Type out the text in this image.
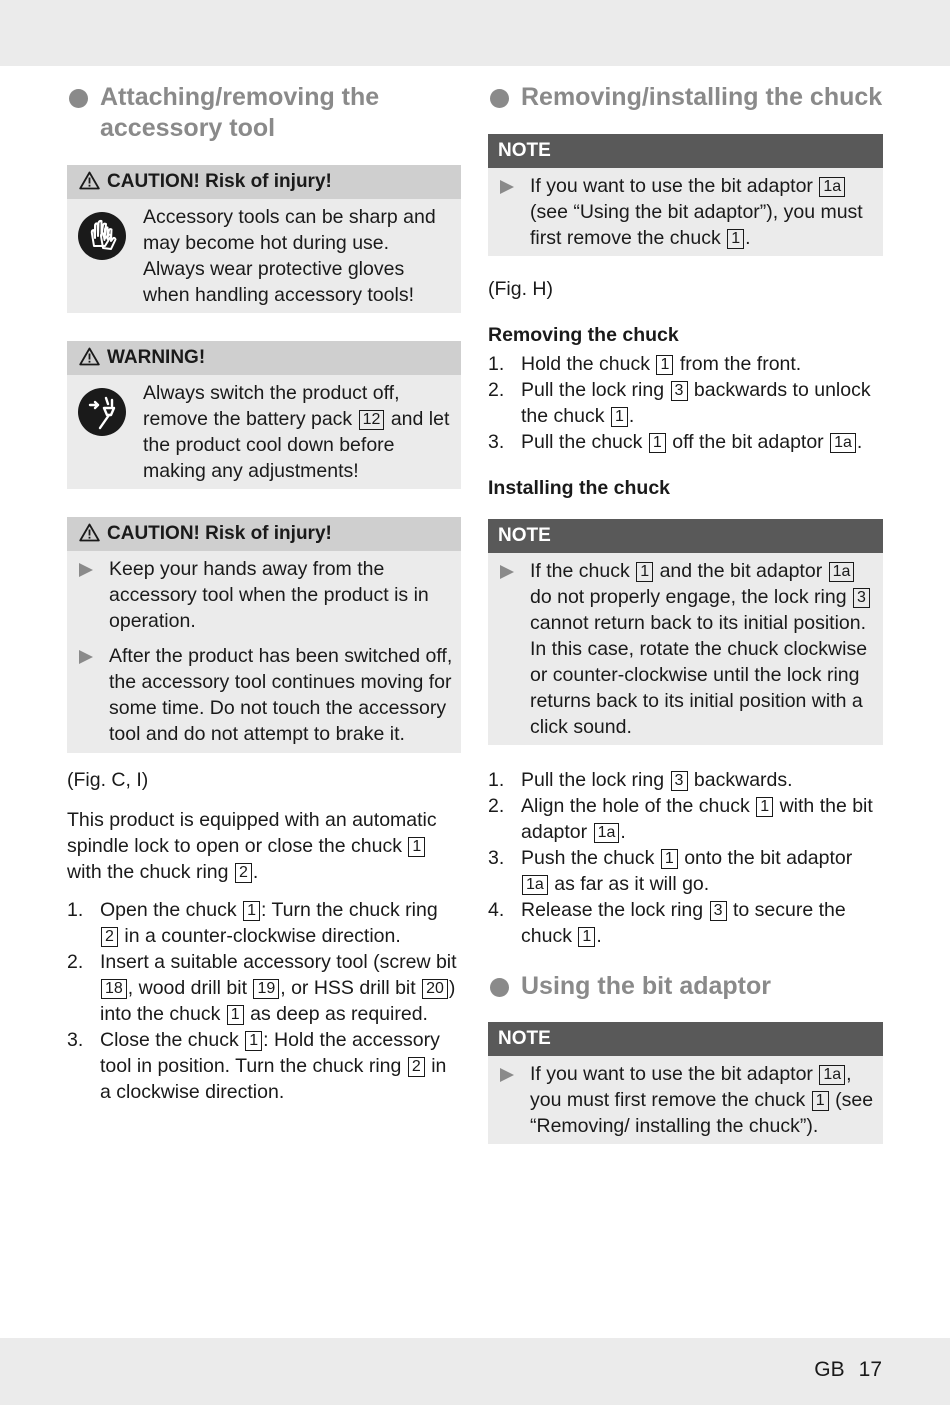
Attaching/removing the accessory tool
CAUTION! Risk of injury!
Accessory tools can be sharp and may become hot during use. Always wear protective gloves when handling accessory tools!
WARNING!
Always switch the product off, remove the battery pack 12 and let the product cool down before making any adjustments!
CAUTION! Risk of injury!
Keep your hands away from the accessory tool when the product is in operation.
After the product has been switched off, the accessory tool continues moving for some time. Do not touch the accessory tool and do not attempt to brake it.

(Fig. C, I)

This product is equipped with an automatic spindle lock to open or close the chuck 1 with the chuck ring 2 .

1. Open the chuck 1 : Turn the chuck ring 2 in a counter-clockwise direction.
2. Insert a suitable accessory tool (screw bit 18 , wood drill bit 19 , or HSS drill bit 20 ) into the chuck 1 as deep as required.
3. Close the chuck 1 : Hold the accessory tool in position. Turn the chuck ring 2 in a clockwise direction.
Removing/installing the chuck
NOTE
If you want to use the bit adaptor 1a (see “Using the bit adaptor”), you must first remove the chuck 1 .

(Fig. H)

Removing the chuck

1. Hold the chuck 1 from the front.
2. Pull the lock ring 3 backwards to unlock the chuck 1 .
3. Pull the chuck 1 off the bit adaptor 1a .

Installing the chuck

NOTE
If the chuck 1 and the bit adaptor 1a do not properly engage, the lock ring 3 cannot return back to its initial position. In this case, rotate the chuck clockwise or counter-clockwise until the lock ring returns back to its initial position with a click sound.
1. Pull the lock ring 3 backwards.
2. Align the hole of the chuck 1 with the bit adaptor 1a .
3. Push the chuck 1 onto the bit adaptor 1a as far as it will go.
4. Release the lock ring 3 to secure the chuck 1 .
Using the bit adaptor
NOTE
If you want to use the bit adaptor 1a , you must first remove the chuck 1 (see “Removing/ installing the chuck”).
GB 17
